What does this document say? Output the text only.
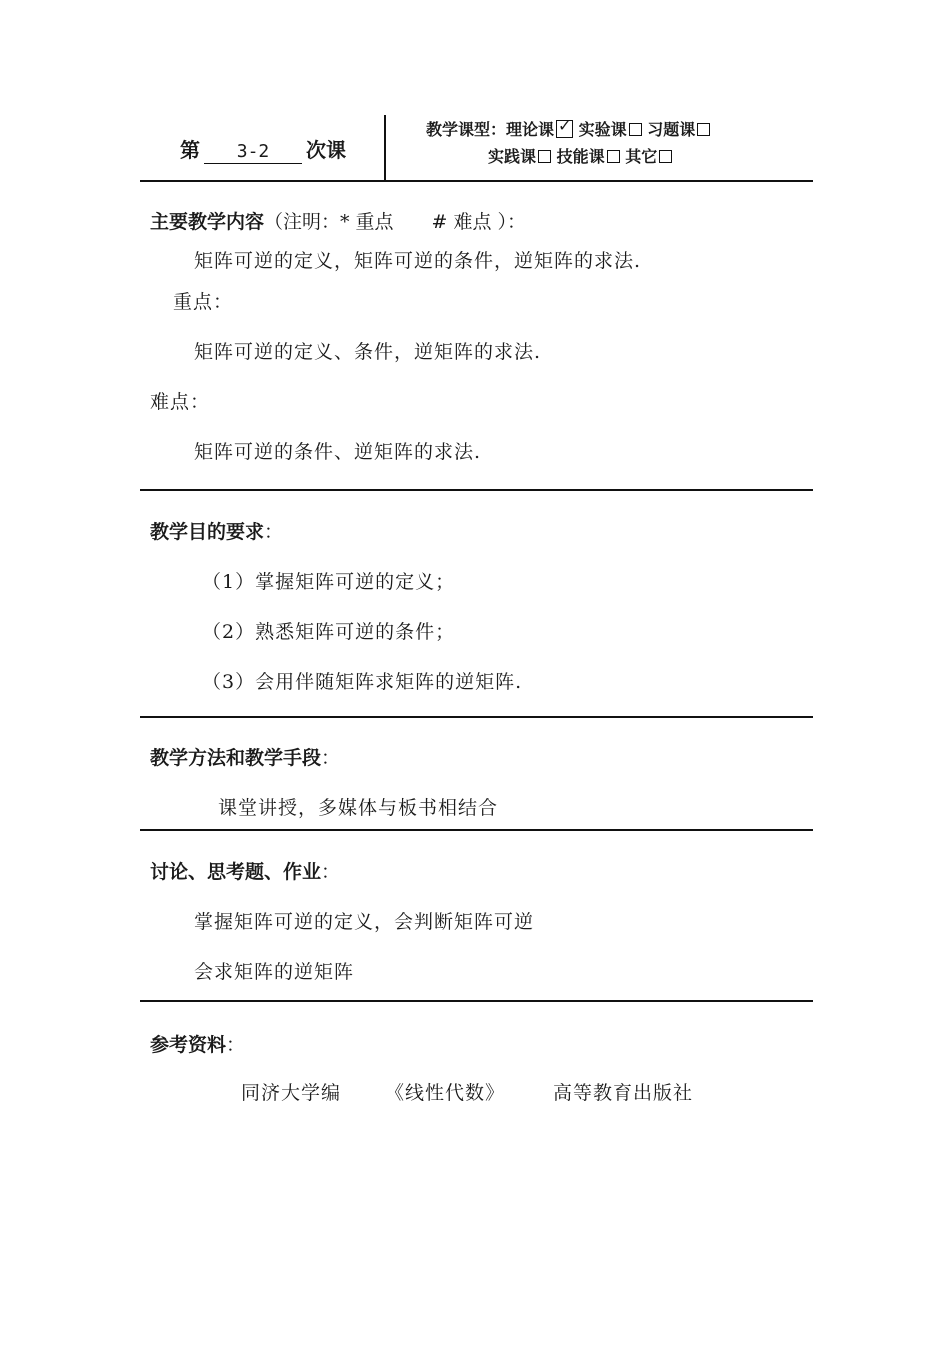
第 3-2 次课
教学课型：理论课 ✓ 实验课 习题课
实践课 技能课 其它
主要教学内容（注明：* 重点　　# 难点 ）：
矩阵可逆的定义，矩阵可逆的条件，逆矩阵的求法.
重点：
矩阵可逆的定义、条件，逆矩阵的求法.
难点：
矩阵可逆的条件、逆矩阵的求法.
教学目的要求：
（1）掌握矩阵可逆的定义；
（2）熟悉矩阵可逆的条件；
（3）会用伴随矩阵求矩阵的逆矩阵.
教学方法和教学手段：
课堂讲授，多媒体与板书相结合
讨论、思考题、作业：
掌握矩阵可逆的定义，会判断矩阵可逆
会求矩阵的逆矩阵
参考资料：
同济大学编 《线性代数》	高等教育出版社
